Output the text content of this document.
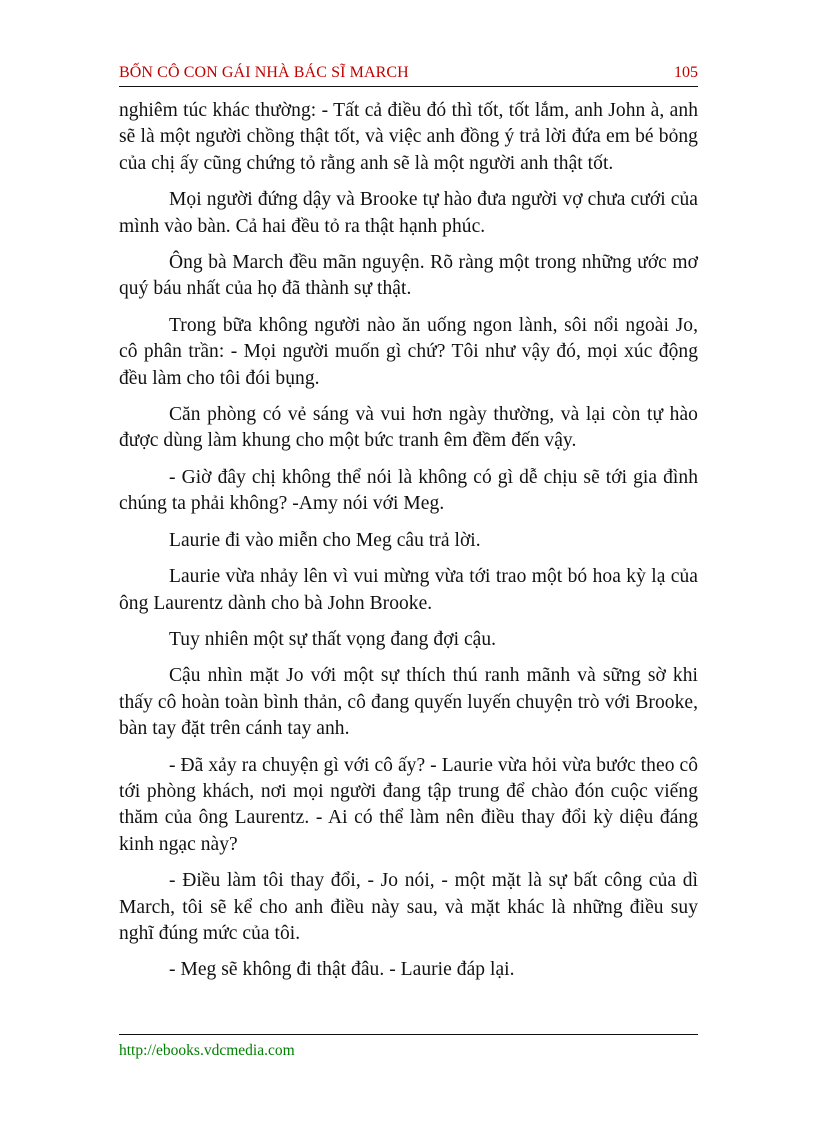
BỐN CÔ CON GÁI NHÀ BÁC SĨ MARCH	105

nghiêm túc khác thường: - Tất cả điều đó thì tốt, tốt lắm, anh John à, anh sẽ là một người chồng thật tốt, và việc anh đồng ý trả lời đứa em bé bỏng của chị ấy cũng chứng tỏ rằng anh sẽ là một người anh thật tốt.

Mọi người đứng dậy và Brooke tự hào đưa người vợ chưa cưới của mình vào bàn. Cả hai đều tỏ ra thật hạnh phúc.

Ông bà March đều mãn nguyện. Rõ ràng một trong những ước mơ quý báu nhất của họ đã thành sự thật.

Trong bữa không người nào ăn uống ngon lành, sôi nổi ngoài Jo, cô phân trần: - Mọi người muốn gì chứ? Tôi như vậy đó, mọi xúc động đều làm cho tôi đói bụng.

Căn phòng có vẻ sáng và vui hơn ngày thường, và lại còn tự hào được dùng làm khung cho một bức tranh êm đềm đến vậy.

- Giờ đây chị không thể nói là không có gì dễ chịu sẽ tới gia đình chúng ta phải không? -Amy nói với Meg.

Laurie đi vào miễn cho Meg câu trả lời.

Laurie vừa nhảy lên vì vui mừng vừa tới trao một bó hoa kỳ lạ của ông Laurentz dành cho bà John Brooke.

Tuy nhiên một sự thất vọng đang đợi cậu.

Cậu nhìn mặt Jo với một sự thích thú ranh mãnh và sững sờ khi thấy cô hoàn toàn bình thản, cô đang quyến luyến chuyện trò với Brooke, bàn tay đặt trên cánh tay anh.

- Đã xảy ra chuyện gì với cô ấy? - Laurie vừa hỏi vừa bước theo cô tới phòng khách, nơi mọi người đang tập trung để chào đón cuộc viếng thăm của ông Laurentz. - Ai có thể làm nên điều thay đổi kỳ diệu đáng kinh ngạc này?

- Điều làm tôi thay đổi, - Jo nói, - một mặt là sự bất công của dì March, tôi sẽ kể cho anh điều này sau, và mặt khác là những điều suy nghĩ đúng mức của tôi.

- Meg sẽ không đi thật đâu. - Laurie đáp lại.

http://ebooks.vdcmedia.com
